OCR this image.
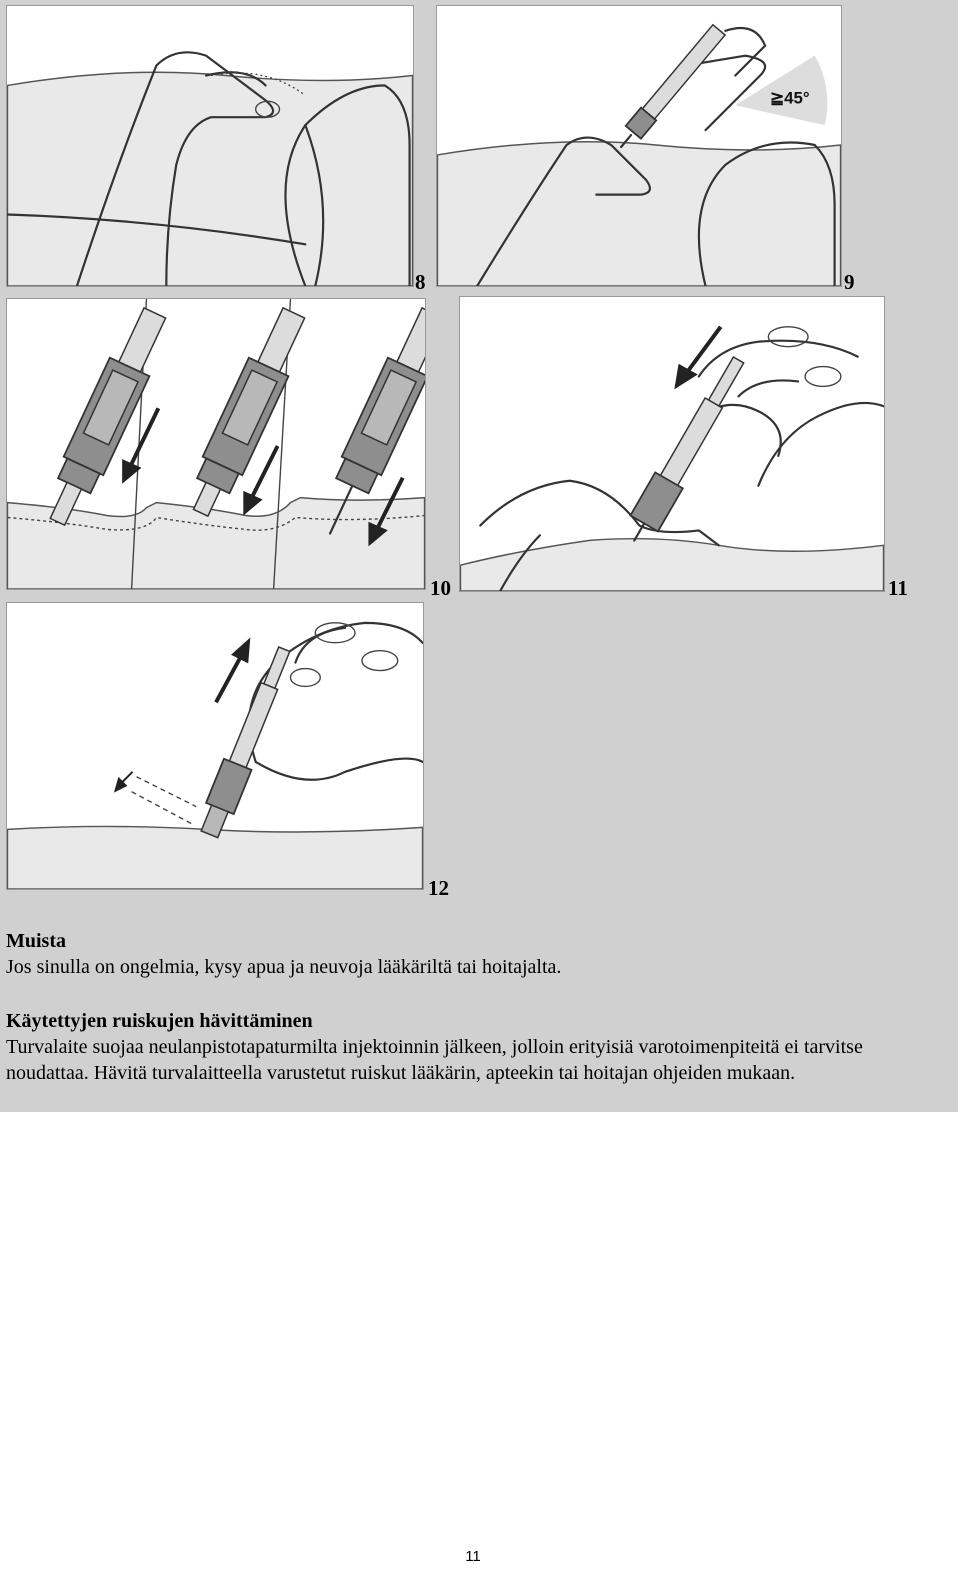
8
≧45°
9
10	11
12
Muista
Jos sinulla on ongelmia, kysy apua ja neuvoja lääkäriltä tai hoitajalta.
Käytettyjen ruiskujen hävittäminen
Turvalaite suojaa neulanpistotapaturmilta injektoinnin jälkeen, jolloin erityisiä varotoimenpiteitä ei tarvitse noudattaa. Hävitä turvalaitteella varustetut ruiskut lääkärin, apteekin tai hoitajan ohjeiden mukaan.
11
